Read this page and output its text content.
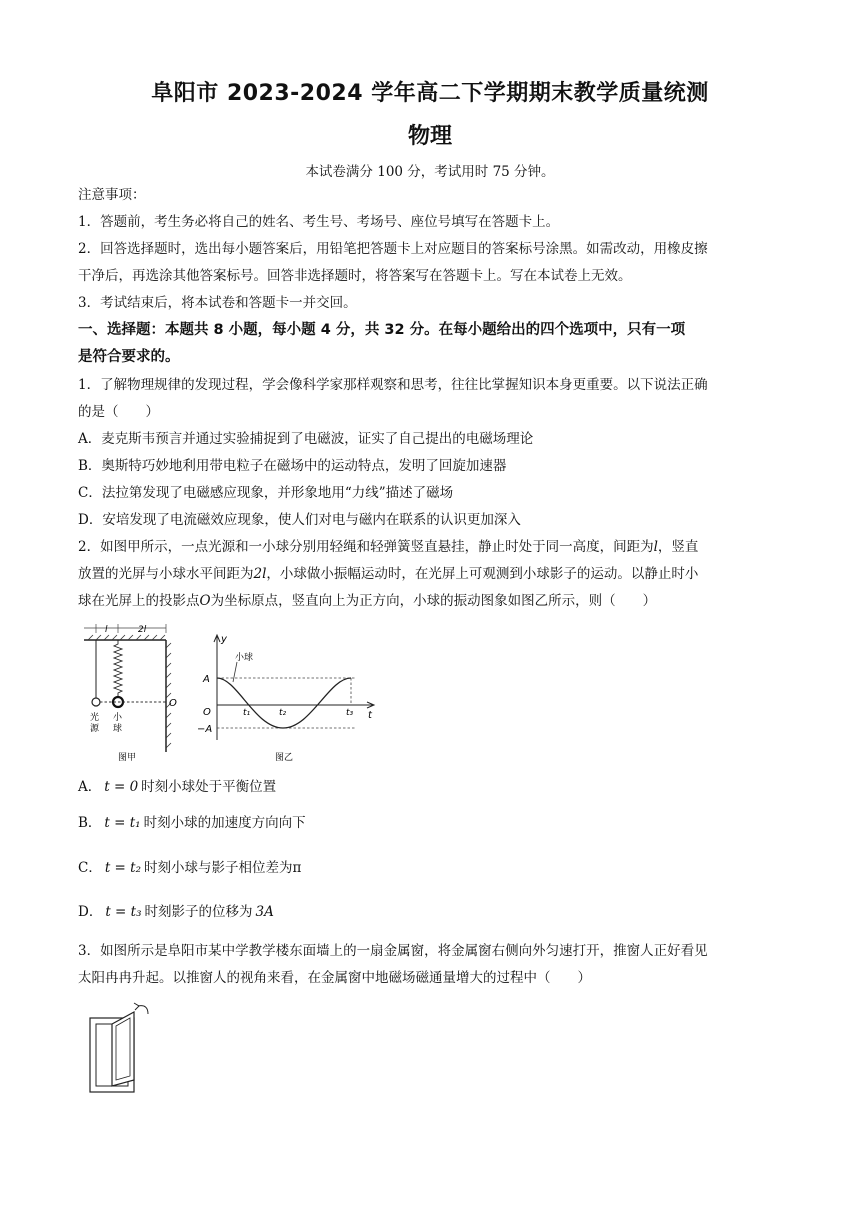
阜阳市 2023-2024 学年高二下学期期末教学质量统测
物理
本试卷满分 100 分，考试用时 75 分钟。
注意事项：
1．答题前，考生务必将自己的姓名、考生号、考场号、座位号填写在答题卡上。
2．回答选择题时，选出每小题答案后，用铅笔把答题卡上对应题目的答案标号涂黑。如需改动，用橡皮擦
干净后，再选涂其他答案标号。回答非选择题时，将答案写在答题卡上。写在本试卷上无效。
3．考试结束后，将本试卷和答题卡一并交回。
一、选择题：本题共 8 小题，每小题 4 分，共 32 分。在每小题给出的四个选项中，只有一项
是符合要求的。
1．了解物理规律的发现过程，学会像科学家那样观察和思考，往往比掌握知识本身更重要。以下说法正确
的是（　　）
A．麦克斯韦预言并通过实验捕捉到了电磁波，证实了自己提出的电磁场理论
B．奥斯特巧妙地利用带电粒子在磁场中的运动特点，发明了回旋加速器
C．法拉第发现了电磁感应现象，并形象地用“力线”描述了磁场
D．安培发现了电流磁效应现象，使人们对电与磁内在联系的认识更加深入
2．如图甲所示，一点光源和一小球分别用轻绳和轻弹簧竖直悬挂，静止时处于同一高度，间距为l，竖直
放置的光屏与小球水平间距为2l，小球做小振幅运动时，在光屏上可观测到小球影子的运动。以静止时小
球在光屏上的投影点O为坐标原点，竖直向上为正方向，小球的振动图象如图乙所示，则（　　）
l	2l
O
光
源
小
球
图甲
y
t
小球
A
−A
O	t₁	t₂	t₃
图乙
A． t = 0 时刻小球处于平衡位置
B． t = t₁ 时刻小球的加速度方向向下
C． t = t₂ 时刻小球与影子相位差为π
D． t = t₃ 时刻影子的位移为 3A
3．如图所示是阜阳市某中学教学楼东面墙上的一扇金属窗，将金属窗右侧向外匀速打开，推窗人正好看见
太阳冉冉升起。以推窗人的视角来看，在金属窗中地磁场磁通量增大的过程中（　　）
